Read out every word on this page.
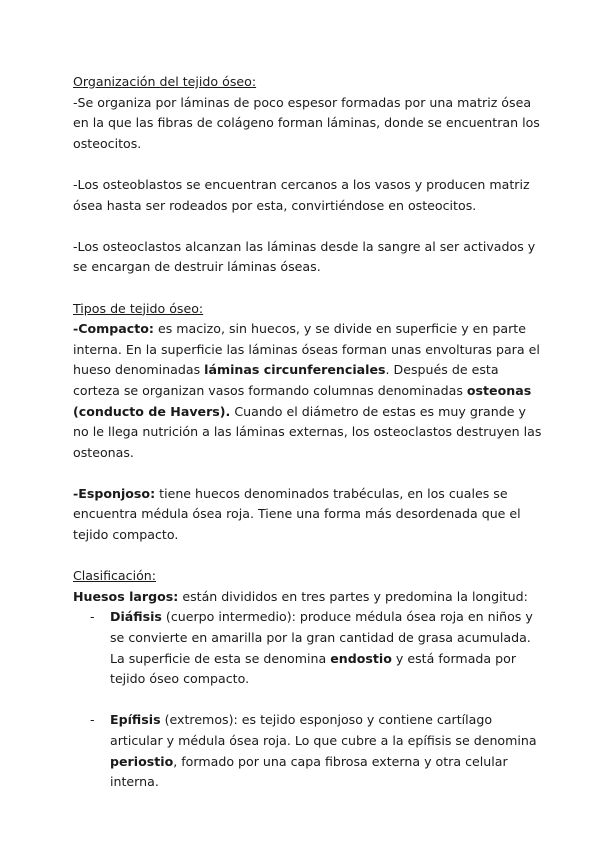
Organización del tejido óseo:

-Se organiza por láminas de poco espesor formadas por una matriz ósea en la que las fibras de colágeno forman láminas, donde se encuentran los osteocitos.

-Los osteoblastos se encuentran cercanos a los vasos y producen matriz ósea hasta ser rodeados por esta, convirtiéndose en osteocitos.

-Los osteoclastos alcanzan las láminas desde la sangre al ser activados y se encargan de destruir láminas óseas.

Tipos de tejido óseo:

-Compacto: es macizo, sin huecos, y se divide en superficie y en parte interna. En la superficie las láminas óseas forman unas envolturas para el hueso denominadas láminas circunferenciales. Después de esta corteza se organizan vasos formando columnas denominadas osteonas (conducto de Havers). Cuando el diámetro de estas es muy grande y no le llega nutrición a las láminas externas, los osteoclastos destruyen las osteonas.

-Esponjoso: tiene huecos denominados trabéculas, en los cuales se encuentra médula ósea roja. Tiene una forma más desordenada que el tejido compacto.

Clasificación:

Huesos largos: están divididos en tres partes y predomina la longitud:

- Diáfisis (cuerpo intermedio): produce médula ósea roja en niños y se convierte en amarilla por la gran cantidad de grasa acumulada. La superficie de esta se denomina endostio y está formada por tejido óseo compacto.
- Epífisis (extremos): es tejido esponjoso y contiene cartílago articular y médula ósea roja. Lo que cubre a la epífisis se denomina periostio, formado por una capa fibrosa externa y otra celular interna.
